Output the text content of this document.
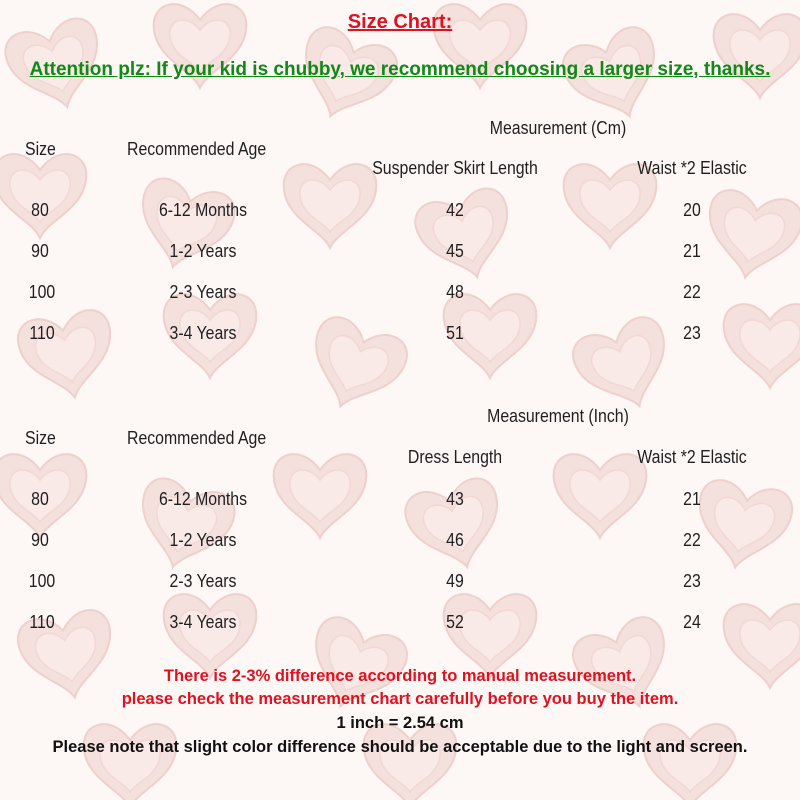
Size Chart:
Attention plz: If your kid is chubby, we recommend choosing a larger size, thanks.
Measurement (Cm)
Size	Recommended Age
Suspender Skirt Length	Waist *2 Elastic
80	6-12 Months	42	20
90	1-2 Years	45	21
100	2-3 Years	48	22
110	3-4 Years	51	23
Measurement (Inch)
Size	Recommended Age
Dress Length	Waist *2 Elastic
80	6-12 Months	43	21
90	1-2 Years	46	22
100	2-3 Years	49	23
110	3-4 Years	52	24
There is 2-3% difference according to manual measurement.
please check the measurement chart carefully before you buy the item.
1 inch = 2.54 cm
Please note that slight color difference should be acceptable due to the light and screen.
